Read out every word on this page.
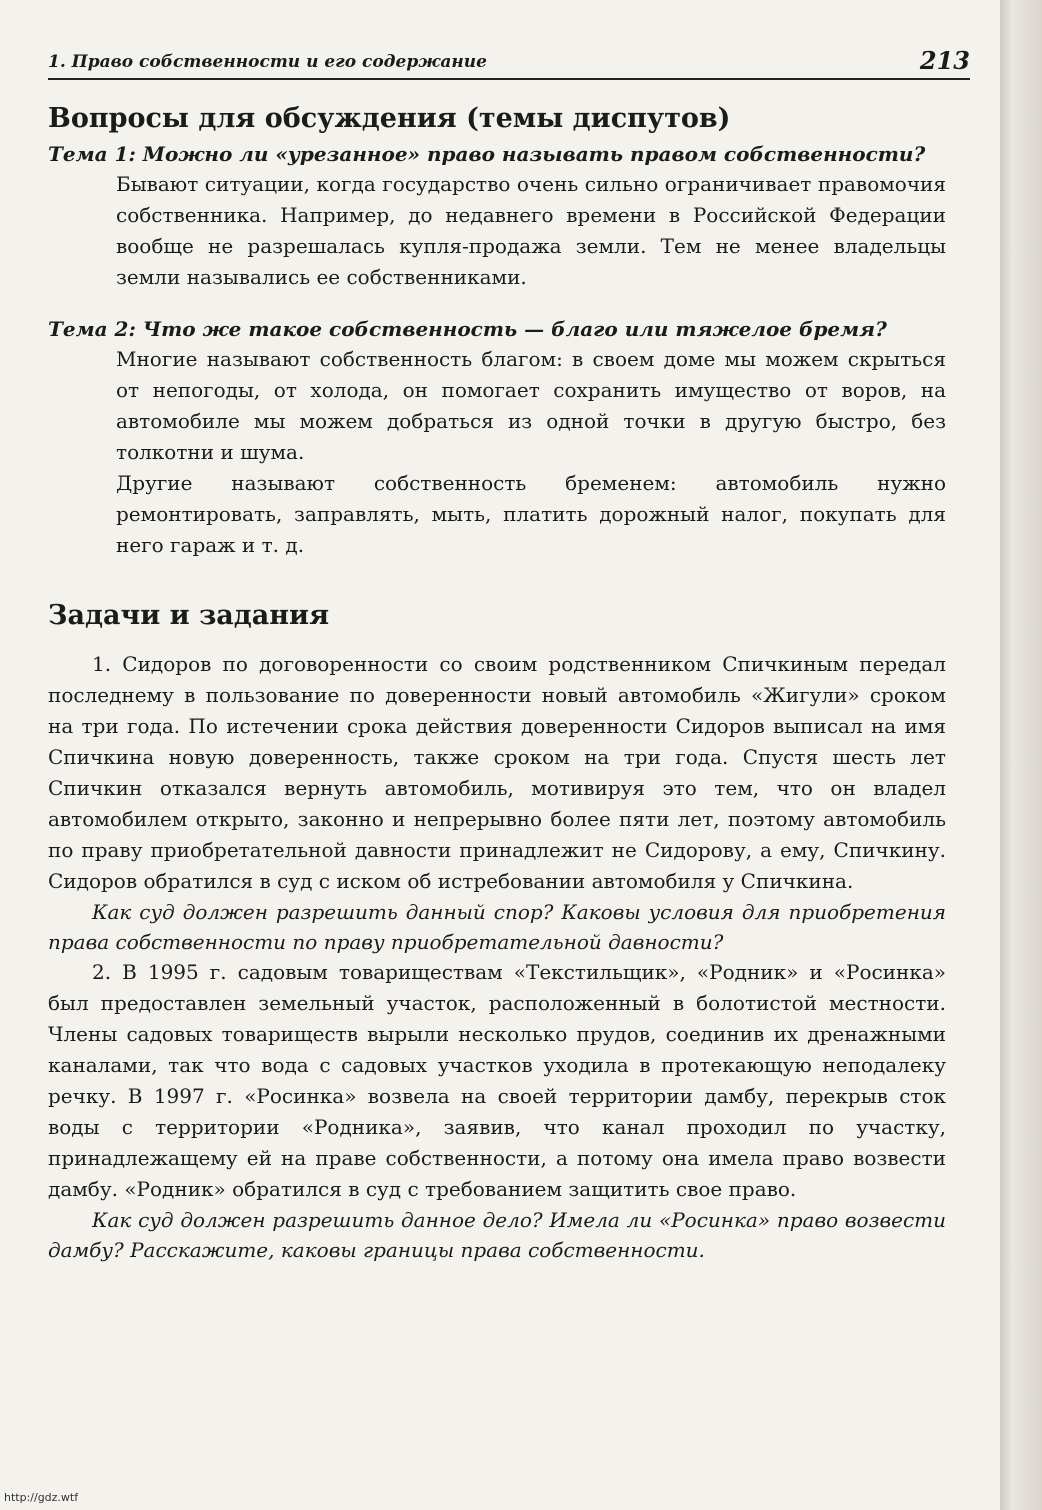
1. Право собственности и его содержание	213
Вопросы для обсуждения (темы диспутов)

Тема 1: Можно ли «урезанное» право называть правом собственности?

Бывают ситуации, когда государство очень сильно ограничивает правомочия собственника. Например, до недавнего времени в Российской Федерации вообще не разрешалась купля-продажа земли. Тем не менее владельцы земли назывались ее собственниками.

Тема 2: Что же такое собственность — благо или тяжелое бремя?

Многие называют собственность благом: в своем доме мы можем скрыться от непогоды, от холода, он помогает сохранить имущество от воров, на автомобиле мы можем добраться из одной точки в другую быстро, без толкотни и шума.

Другие называют собственность бременем: автомобиль нужно ремонтировать, заправлять, мыть, платить дорожный налог, покупать для него гараж и т. д.

Задачи и задания

1. Сидоров по договоренности со своим родственником Спичкиным передал последнему в пользование по доверенности новый автомобиль «Жигули» сроком на три года. По истечении срока действия доверенности Сидоров выписал на имя Спичкина новую доверенность, также сроком на три года. Спустя шесть лет Спичкин отказался вернуть автомобиль, мотивируя это тем, что он владел автомобилем открыто, законно и непрерывно более пяти лет, поэтому автомобиль по праву приобретательной давности принадлежит не Сидорову, а ему, Спичкину. Сидоров обратился в суд с иском об истребовании автомобиля у Спичкина.

Как суд должен разрешить данный спор? Каковы условия для приобретения права собственности по праву приобретательной давности?

2. В 1995 г. садовым товариществам «Текстильщик», «Родник» и «Росинка» был предоставлен земельный участок, расположенный в болотистой местности. Члены садовых товариществ вырыли несколько прудов, соединив их дренажными каналами, так что вода с садовых участков уходила в протекающую неподалеку речку. В 1997 г. «Росинка» возвела на своей территории дамбу, перекрыв сток воды с территории «Родника», заявив, что канал проходил по участку, принадлежащему ей на праве собственности, а потому она имела право возвести дамбу. «Родник» обратился в суд с требованием защитить свое право.

Как суд должен разрешить данное дело? Имела ли «Росинка» право возвести дамбу? Расскажите, каковы границы права собственности.

http://gdz.wtf
